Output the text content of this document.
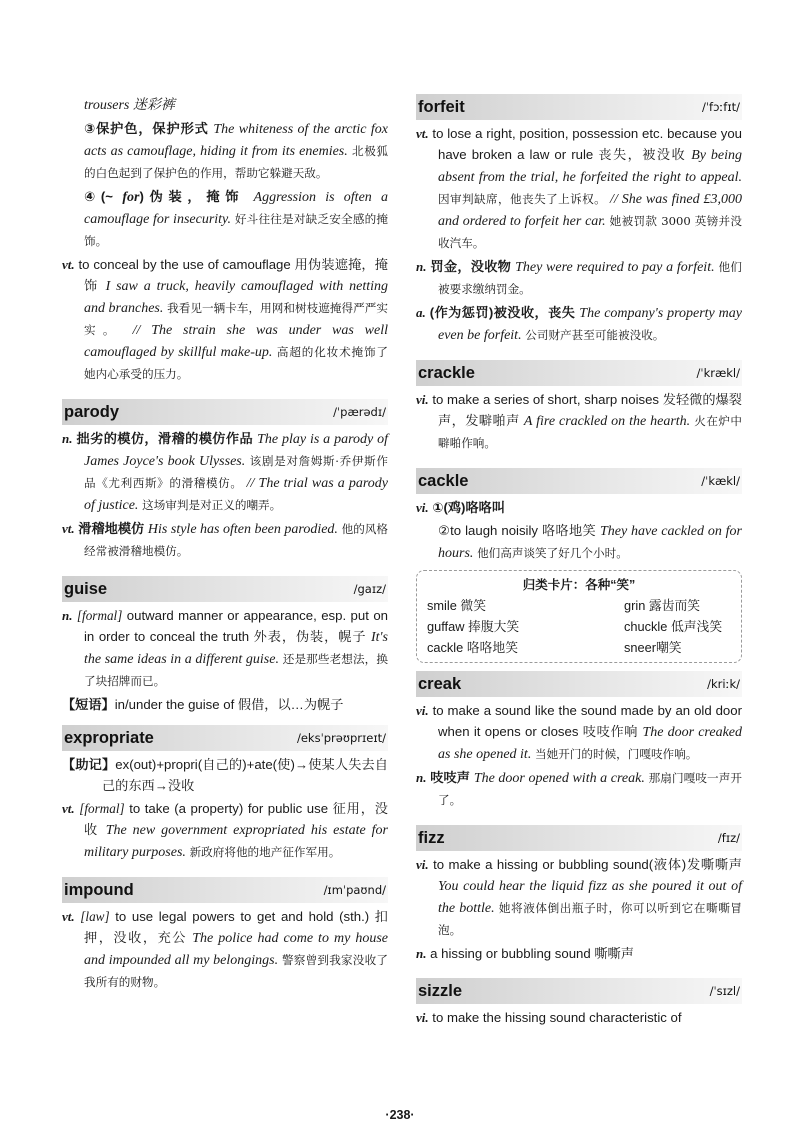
trousers 迷彩裤

③保护色，保护形式 The whiteness of the arctic fox acts as camouflage, hiding it from its enemies. 北极狐的白色起到了保护色的作用，帮助它躲避天敌。

④(~ for)伪装，掩饰 Aggression is often a camouflage for insecurity. 好斗往往是对缺乏安全感的掩饰。

vt. to conceal by the use of camouflage 用伪装遮掩，掩饰 I saw a truck, heavily camouflaged with netting and branches. 我看见一辆卡车，用网和树枝遮掩得严严实实。 // The strain she was under was well camouflaged by skillful make-up. 高超的化妆术掩饰了她内心承受的压力。

parody	/ˈpærədɪ/

n. 拙劣的模仿，滑稽的模仿作品 The play is a parody of James Joyce's book Ulysses. 该剧是对詹姆斯·乔伊斯作品《尤利西斯》的滑稽模仿。 // The trial was a parody of justice. 这场审判是对正义的嘲弄。

vt. 滑稽地模仿 His style has often been parodied. 他的风格经常被滑稽地模仿。

guise	/gaɪz/

n. [formal] outward manner or appearance, esp. put on in order to conceal the truth 外表，伪装，幌子 It's the same ideas in a different guise. 还是那些老想法，换了块招牌而已。

【短语】in/under the guise of 假借，以…为幌子

expropriate	/eksˈprəʊprɪeɪt/

【助记】ex(out)+propri(自己的)+ate(使)→使某人失去自己的东西→没收

vt. [formal] to take (a property) for public use 征用，没收 The new government expropriated his estate for military purposes. 新政府将他的地产征作军用。

impound	/ɪmˈpaʊnd/

vt. [law] to use legal powers to get and hold (sth.) 扣押，没收，充公 The police had come to my house and impounded all my belongings. 警察曾到我家没收了我所有的财物。

forfeit	/ˈfɔːfɪt/

vt. to lose a right, position, possession etc. because you have broken a law or rule 丧失，被没收 By being absent from the trial, he forfeited the right to appeal. 因审判缺席，他丧失了上诉权。 // She was fined £3,000 and ordered to forfeit her car. 她被罚款 3000 英镑并没收汽车。

n. 罚金，没收物 They were required to pay a forfeit. 他们被要求缴纳罚金。

a. (作为惩罚)被没收，丧失 The company's property may even be forfeit. 公司财产甚至可能被没收。

crackle	/ˈkrækl/

vi. to make a series of short, sharp noises 发轻微的爆裂声，发噼啪声 A fire crackled on the hearth. 火在炉中噼啪作响。

cackle	/ˈkækl/

vi. ①(鸡)咯咯叫

②to laugh noisily 咯咯地笑 They have cackled on for hours. 他们高声谈笑了好几个小时。

归类卡片：各种“笑”
smile 微笑	grin 露齿而笑
guffaw 捧腹大笑	chuckle 低声浅笑
cackle 咯咯地笑	sneer嘲笑
creak	/kriːk/

vi. to make a sound like the sound made by an old door when it opens or closes 吱吱作响 The door creaked as she opened it. 当她开门的时候，门嘎吱作响。

n. 吱吱声 The door opened with a creak. 那扇门嘎吱一声开了。

fizz	/fɪz/

vi. to make a hissing or bubbling sound(液体)发嘶嘶声 You could hear the liquid fizz as she poured it out of the bottle. 她将液体倒出瓶子时，你可以听到它在嘶嘶冒泡。

n. a hissing or bubbling sound 嘶嘶声

sizzle	/ˈsɪzl/

vi. to make the hissing sound characteristic of

·238·
